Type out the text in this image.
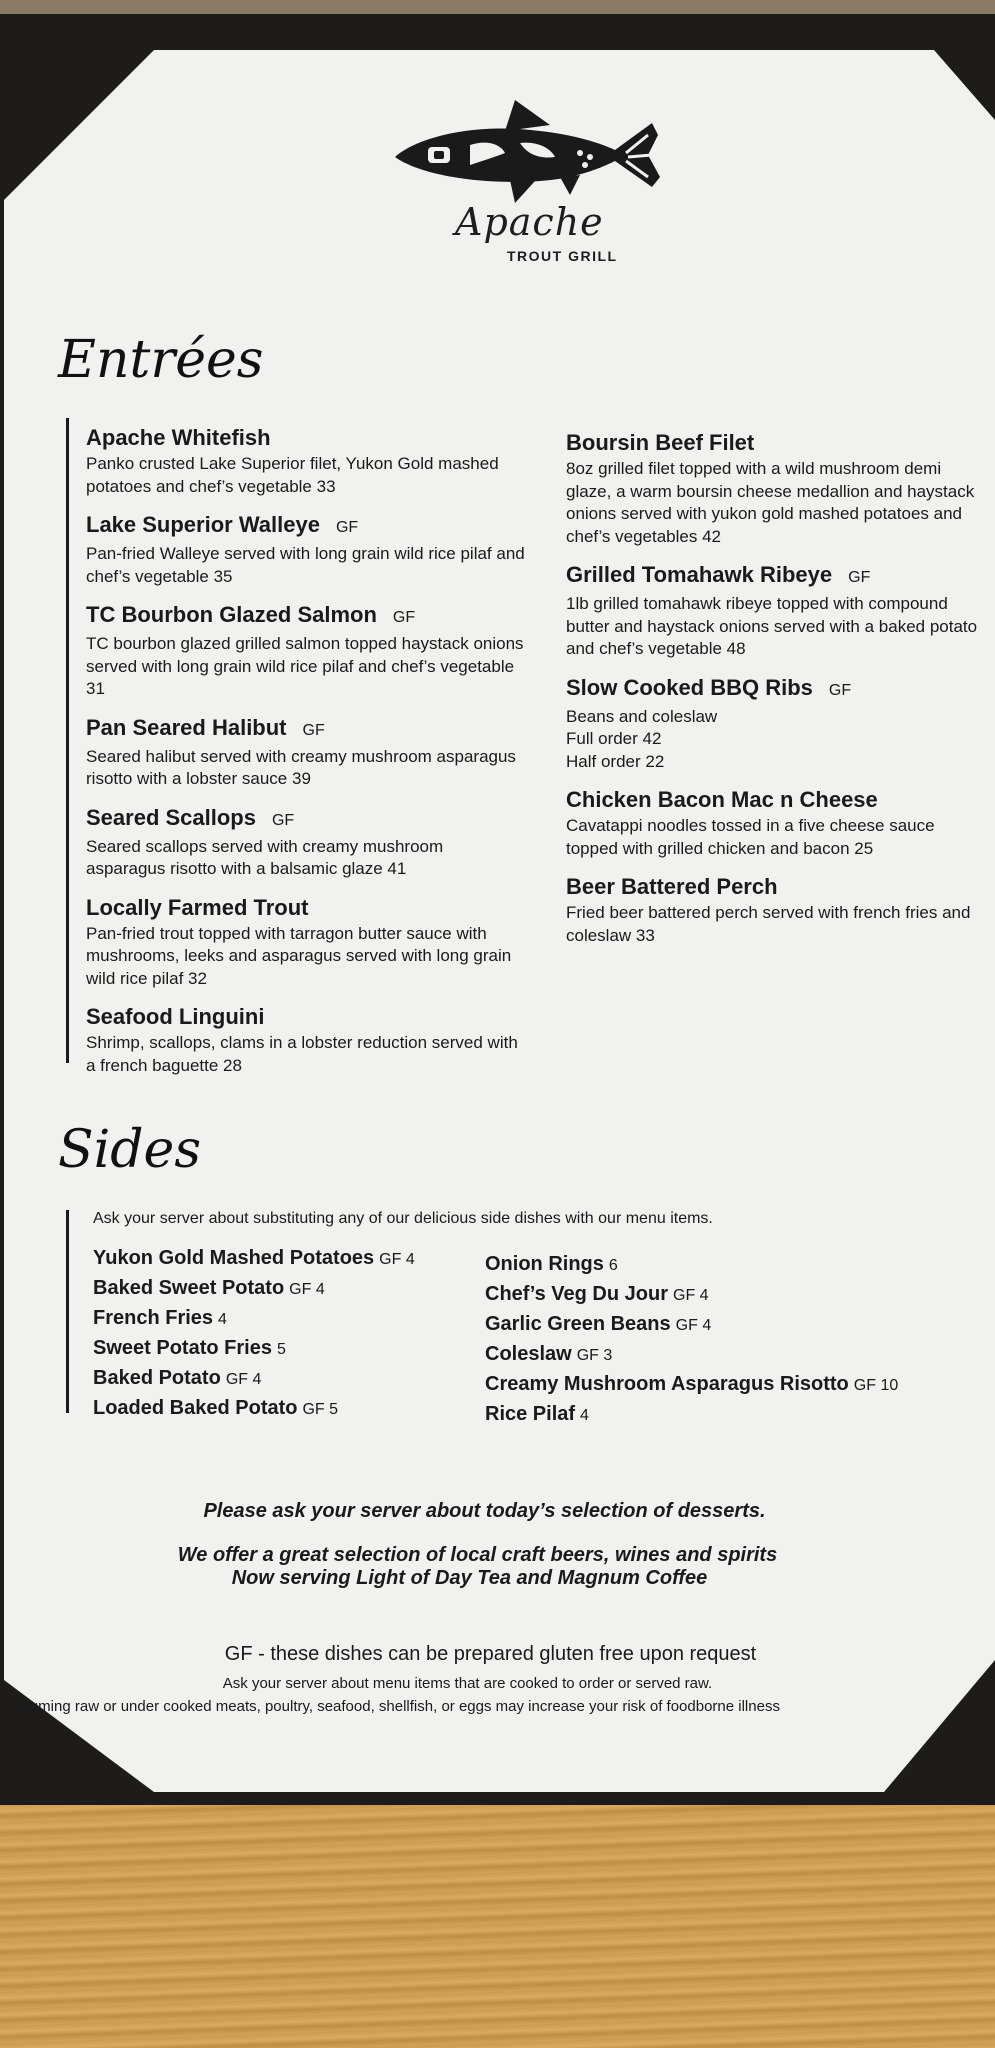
Apache
TROUT GRILL
Entrées
Apache Whitefish
Panko crusted Lake Superior filet, Yukon Gold mashed potatoes and chef’s vegetable 33
Lake Superior Walleye GF
Pan-fried Walleye served with long grain wild rice pilaf and chef’s vegetable 35
TC Bourbon Glazed Salmon GF
TC bourbon glazed grilled salmon topped haystack onions served with long grain wild rice pilaf and chef’s vegetable 31
Pan Seared Halibut GF
Seared halibut served with creamy mushroom asparagus risotto with a lobster sauce 39
Seared Scallops GF
Seared scallops served with creamy mushroom asparagus risotto with a balsamic glaze 41
Locally Farmed Trout
Pan-fried trout topped with tarragon butter sauce with mushrooms, leeks and asparagus served with long grain wild rice pilaf 32
Seafood Linguini
Shrimp, scallops, clams in a lobster reduction served with a french baguette 28
Boursin Beef Filet
8oz grilled filet topped with a wild mushroom demi glaze, a warm boursin cheese medallion and haystack onions served with yukon gold mashed potatoes and chef’s vegetables 42
Grilled Tomahawk Ribeye GF
1lb grilled tomahawk ribeye topped with compound butter and haystack onions served with a baked potato and chef’s vegetable 48
Slow Cooked BBQ Ribs GF
Beans and coleslaw
Full order 42
Half order 22
Chicken Bacon Mac n Cheese
Cavatappi noodles tossed in a five cheese sauce topped with grilled chicken and bacon 25
Beer Battered Perch
Fried beer battered perch served with french fries and coleslaw 33
Sides
Ask your server about substituting any of our delicious side dishes with our menu items.
Yukon Gold Mashed Potatoes GF 4
Baked Sweet Potato GF 4
French Fries 4
Sweet Potato Fries 5
Baked Potato GF 4
Loaded Baked Potato GF 5
Onion Rings 6
Chef’s Veg Du Jour GF 4
Garlic Green Beans GF 4
Coleslaw GF 3
Creamy Mushroom Asparagus Risotto GF 10
Rice Pilaf 4
Please ask your server about today’s selection of desserts.
We offer a great selection of local craft beers, wines and spirits
Now serving Light of Day Tea and Magnum Coffee
GF - these dishes can be prepared gluten free upon request
Ask your server about menu items that are cooked to order or served raw.
nsuming raw or under cooked meats, poultry, seafood, shellfish, or eggs may increase your risk of foodborne illness
